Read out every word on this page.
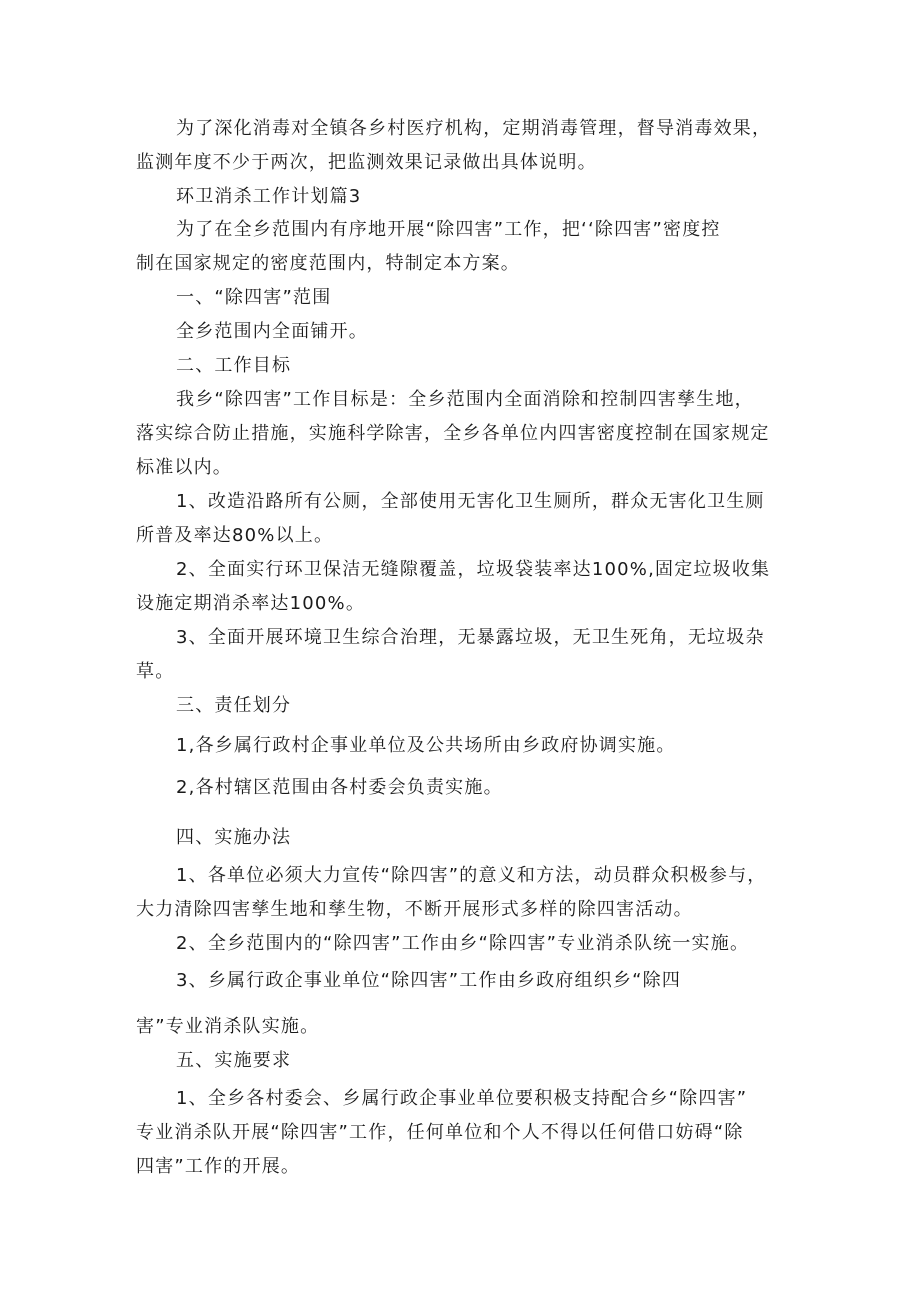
为了深化消毒对全镇各乡村医疗机构，定期消毒管理，督导消毒效果，

监测年度不少于两次，把监测效果记录做出具体说明。

环卫消杀工作计划篇3

为了在全乡范围内有序地开展“除四害”工作，把‘‘除四害”密度控

制在国家规定的密度范围内，特制定本方案。

一、“除四害”范围

全乡范围内全面铺开。

二、工作目标

我乡“除四害”工作目标是：全乡范围内全面消除和控制四害孳生地，

落实综合防止措施，实施科学除害，全乡各单位内四害密度控制在国家规定

标准以内。

1、改造沿路所有公厕，全部使用无害化卫生厕所，群众无害化卫生厕

所普及率达80%以上。

2、全面实行环卫保洁无缝隙覆盖，垃圾袋装率达100%,固定垃圾收集

设施定期消杀率达100%。

3、全面开展环境卫生综合治理，无暴露垃圾，无卫生死角，无垃圾杂

草。

三、责任划分

1,各乡属行政村企事业单位及公共场所由乡政府协调实施。

2,各村辖区范围由各村委会负责实施。

四、实施办法

1、各单位必须大力宣传“除四害”的意义和方法，动员群众积极参与，

大力清除四害孳生地和孳生物，不断开展形式多样的除四害活动。

2、全乡范围内的“除四害”工作由乡“除四害”专业消杀队统一实施。

3、乡属行政企事业单位“除四害”工作由乡政府组织乡“除四

害”专业消杀队实施。

五、实施要求

1、全乡各村委会、乡属行政企事业单位要积极支持配合乡“除四害”

专业消杀队开展“除四害”工作，任何单位和个人不得以任何借口妨碍“除

四害”工作的开展。
